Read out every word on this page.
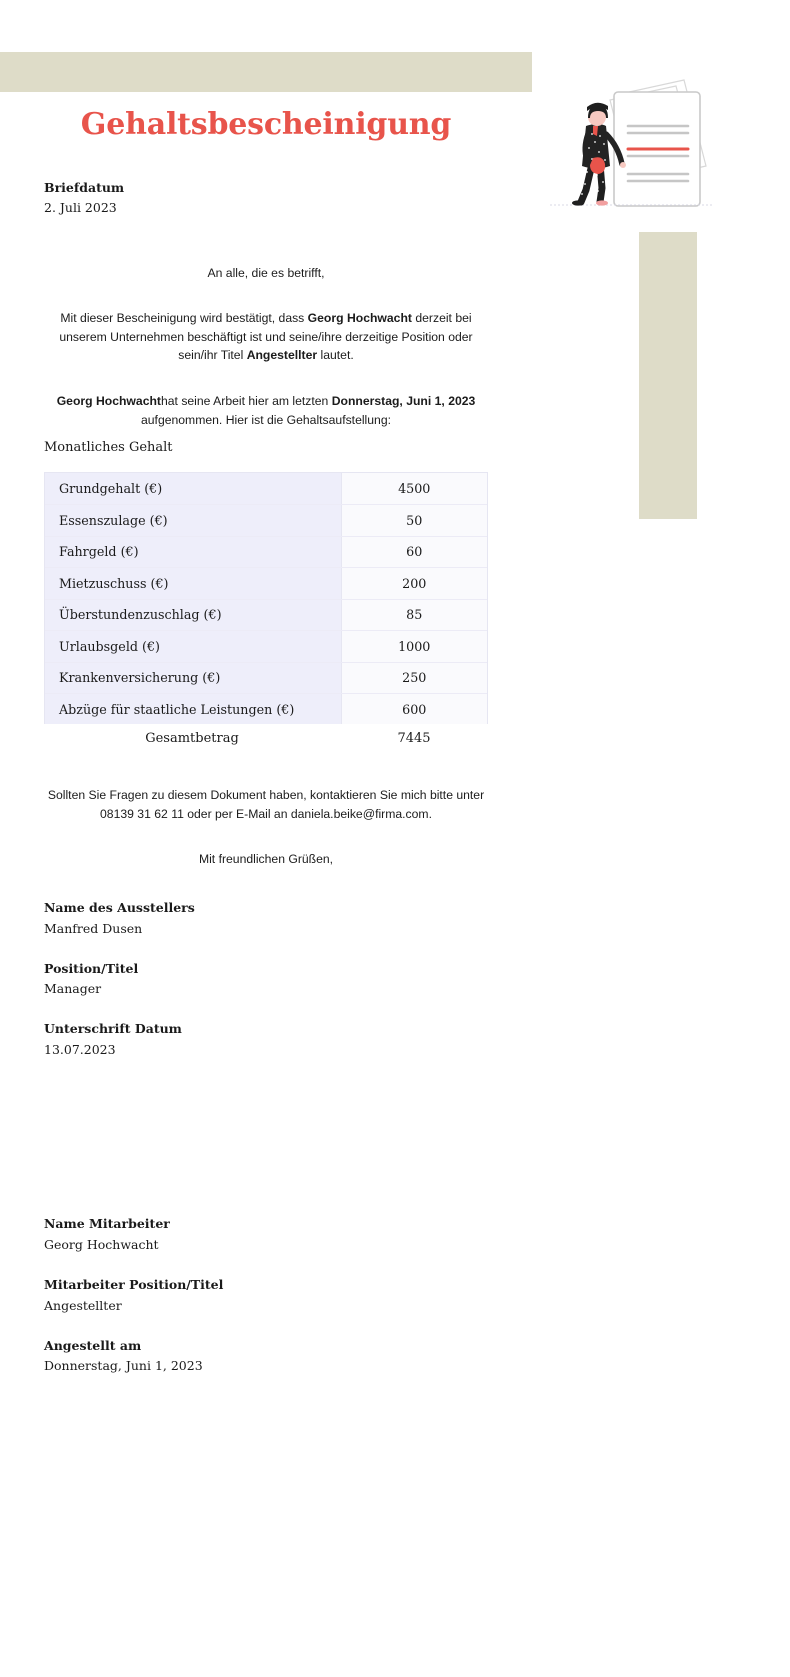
Gehaltsbescheinigung
Briefdatum
2. Juli 2023

An alle, die es betrifft,

Mit dieser Bescheinigung wird bestätigt, dass Georg Hochwacht derzeit bei unserem Unternehmen beschäftigt ist und seine/ihre derzeitige Position oder sein/ihr Titel Angestellter lautet.

Georg Hochwachthat seine Arbeit hier am letzten Donnerstag, Juni 1, 2023 aufgenommen. Hier ist die Gehaltsaufstellung:

Monatliches Gehalt
Grundgehalt (€)	4500
Essenszulage (€)	50
Fahrgeld (€)	60
Mietzuschuss (€)	200
Überstundenzuschlag (€)	85
Urlaubsgeld (€)	1000
Krankenversicherung (€)	250
Abzüge für staatliche Leistungen (€)	600

Gesamtbetrag	7445

Sollten Sie Fragen zu diesem Dokument haben, kontaktieren Sie mich bitte unter 08139 31 62 11 oder per E-Mail an daniela.beike@firma.com.

Mit freundlichen Grüßen,

Name des Ausstellers
Manfred Dusen
Position/Titel
Manager
Unterschrift Datum
13.07.2023
Name Mitarbeiter
Georg Hochwacht
Mitarbeiter Position/Titel
Angestellter
Angestellt am
Donnerstag, Juni 1, 2023
